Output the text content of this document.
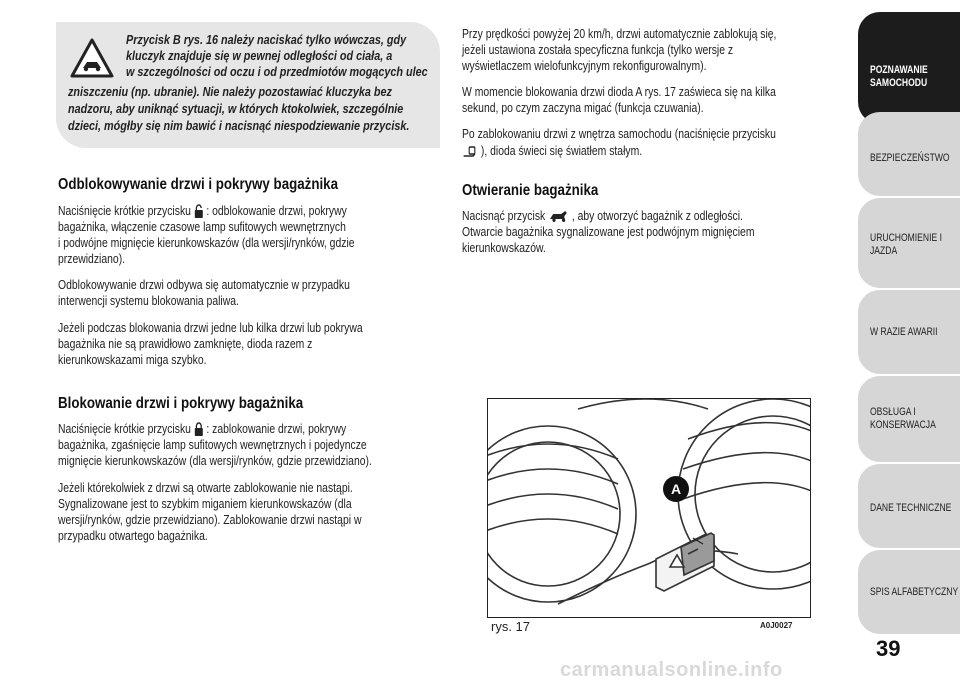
Przycisk B rys. 16 należy naciskać tylko wówczas, gdy
kluczyk znajduje się w pewnej odległości od ciała, a
w szczególności od oczu i od przedmiotów mogących ulec
zniszczeniu (np. ubranie). Nie należy pozostawiać kluczyka bez
nadzoru, aby uniknąć sytuacji, w których ktokolwiek, szczególnie
dzieci, mógłby się nim bawić i nacisnąć niespodziewanie przycisk.
Odblokowywanie drzwi i pokrywy bagażnika
Naciśnięcie krótkie przycisku : odblokowanie drzwi, pokrywy
bagażnika, włączenie czasowe lamp sufitowych wewnętrznych
i podwójne mignięcie kierunkowskazów (dla wersji/rynków, gdzie
przewidziano).
Odblokowywanie drzwi odbywa się automatycznie w przypadku
interwencji systemu blokowania paliwa.
Jeżeli podczas blokowania drzwi jedne lub kilka drzwi lub pokrywa
bagażnika nie są prawidłowo zamknięte, dioda razem z
kierunkowskazami miga szybko.
Blokowanie drzwi i pokrywy bagażnika
Naciśnięcie krótkie przycisku : zablokowanie drzwi, pokrywy
bagażnika, zgaśnięcie lamp sufitowych wewnętrznych i pojedyncze
mignięcie kierunkowskazów (dla wersji/rynków, gdzie przewidziano).
Jeżeli którekolwiek z drzwi są otwarte zablokowanie nie nastąpi.
Sygnalizowane jest to szybkim miganiem kierunkowskazów (dla
wersji/rynków, gdzie przewidziano). Zablokowanie drzwi nastąpi w
przypadku otwartego bagażnika.
Przy prędkości powyżej 20 km/h, drzwi automatycznie zablokują się,
jeżeli ustawiona została specyficzna funkcja (tylko wersje z
wyświetlaczem wielofunkcyjnym rekonfigurowalnym).
W momencie blokowania drzwi dioda A rys. 17 zaświeca się na kilka
sekund, po czym zaczyna migać (funkcja czuwania).
Po zablokowaniu drzwi z wnętrza samochodu (naciśnięcie przycisku
), dioda świeci się światłem stałym.
Otwieranie bagażnika
Nacisnąć przycisk , aby otworzyć bagażnik z odległości.
Otwarcie bagażnika sygnalizowane jest podwójnym mignięciem
kierunkowskazów.
A
rys. 17	A0J0027
POZNAWANIE
SAMOCHODU
BEZPIECZEŃSTWO
URUCHOMIENIE I
JAZDA
W RAZIE AWARII
OBSŁUGA I
KONSERWACJA
DANE TECHNICZNE
SPIS ALFABETYCZNY
39
carmanualsonline.info
